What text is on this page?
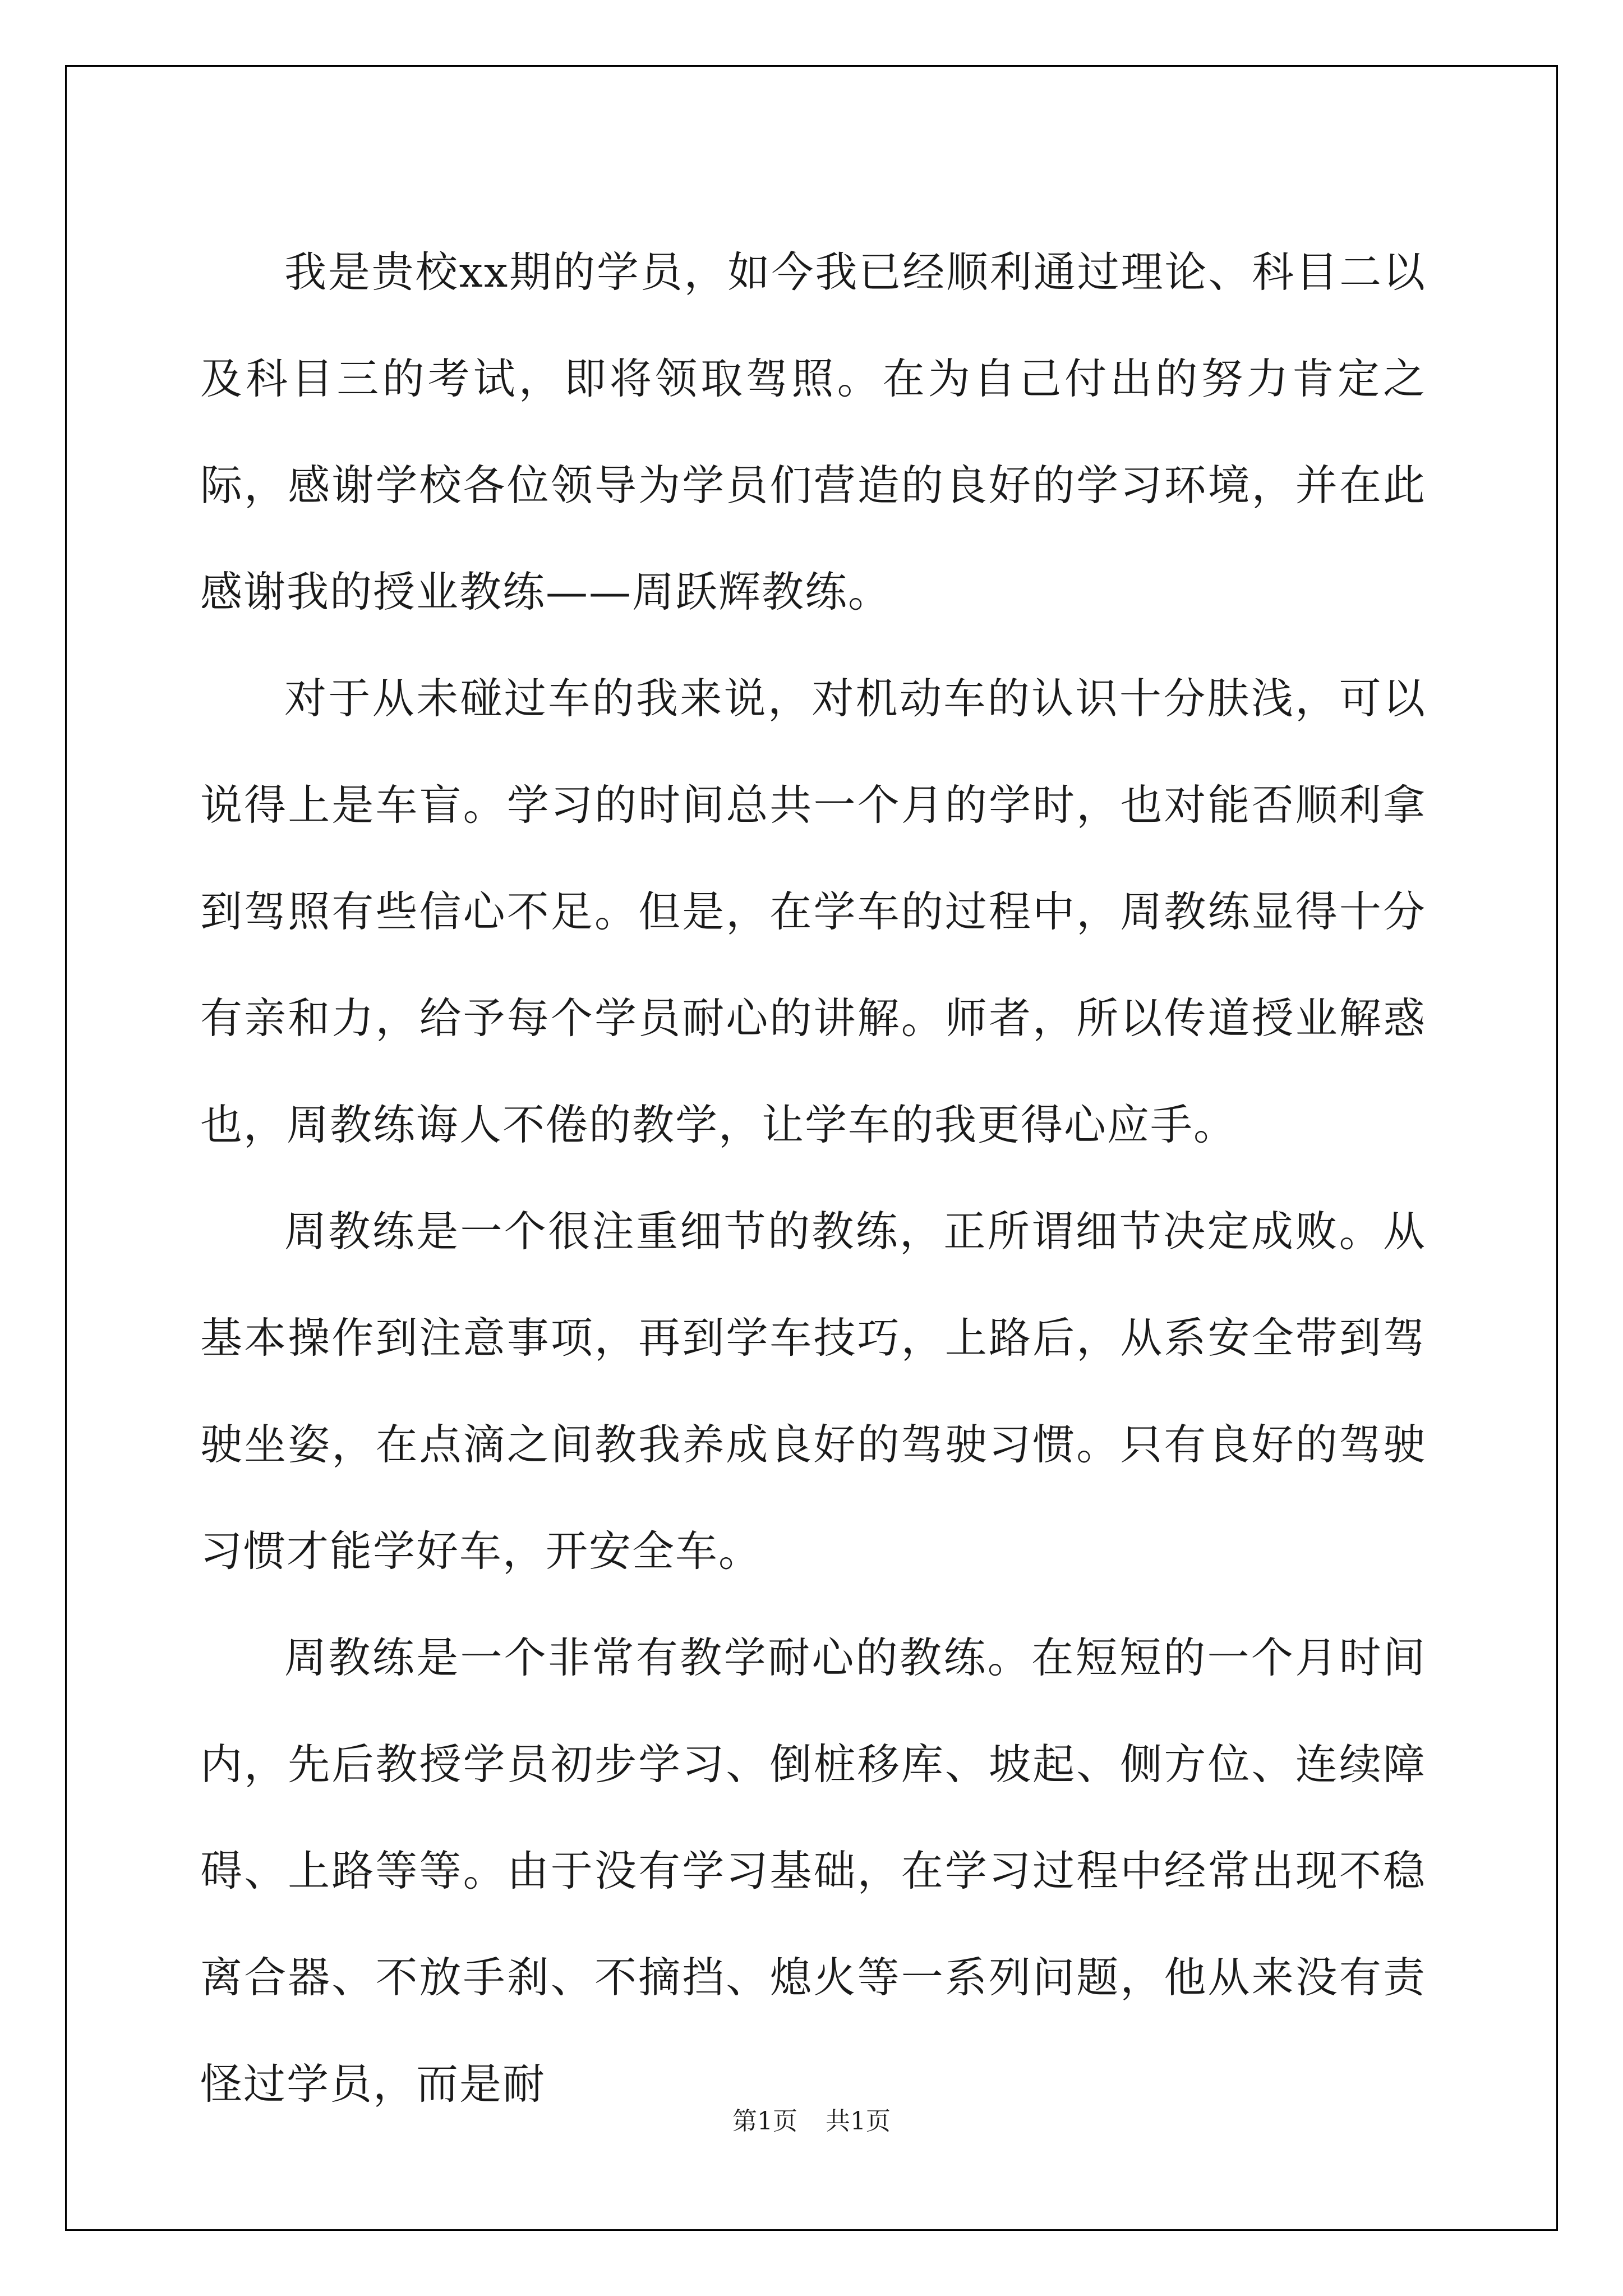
我是贵校xx期的学员，如今我已经顺利通过理论、科目二以及科目三的考试，即将领取驾照。在为自己付出的努力肯定之际，感谢学校各位领导为学员们营造的良好的学习环境，并在此感谢我的授业教练——周跃辉教练。

对于从未碰过车的我来说，对机动车的认识十分肤浅，可以说得上是车盲。学习的时间总共一个月的学时，也对能否顺利拿到驾照有些信心不足。但是，在学车的过程中，周教练显得十分有亲和力，给予每个学员耐心的讲解。师者，所以传道授业解惑也，周教练诲人不倦的教学，让学车的我更得心应手。

周教练是一个很注重细节的教练，正所谓细节决定成败。从基本操作到注意事项，再到学车技巧，上路后，从系安全带到驾驶坐姿，在点滴之间教我养成良好的驾驶习惯。只有良好的驾驶习惯才能学好车，开安全车。

周教练是一个非常有教学耐心的教练。在短短的一个月时间内，先后教授学员初步学习、倒桩移库、坡起、侧方位、连续障碍、上路等等。由于没有学习基础，在学习过程中经常出现不稳离合器、不放手刹、不摘挡、熄火等一系列问题，他从来没有责怪过学员，而是耐

第1页 共1页
